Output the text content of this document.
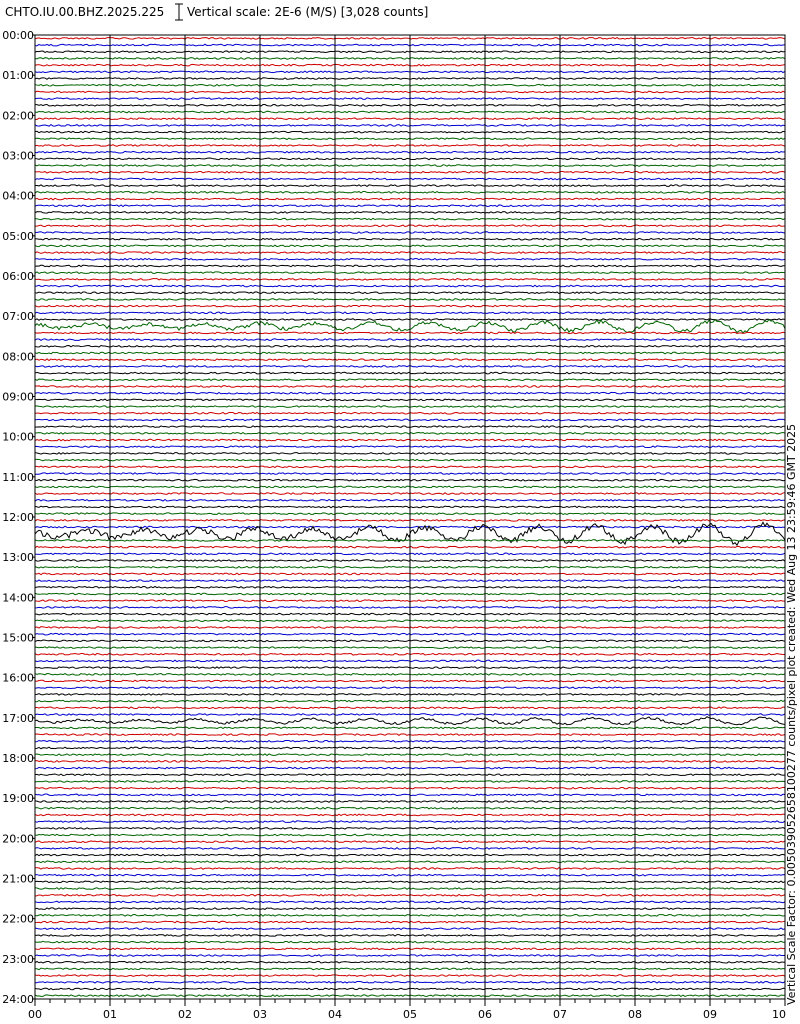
CHTO.IU.00.BHZ.2025.225 Vertical scale: 2E-6 (M/S) [3,028 counts]
00:00
01:00
02:00
03:00
04:00
05:00
06:00
07:00
08:00
09:00
10:00
11:00
12:00
13:00
14:00
15:00
16:00
17:00
18:00
19:00
20:00
21:00
22:00
23:00
24:00
00	01	02	03	04	05	06	07	08	09	10
Vertical Scale Factor: 0.005039052658100277 counts/pixel plot created: Wed Aug 13 23:59:46 GMT 2025
